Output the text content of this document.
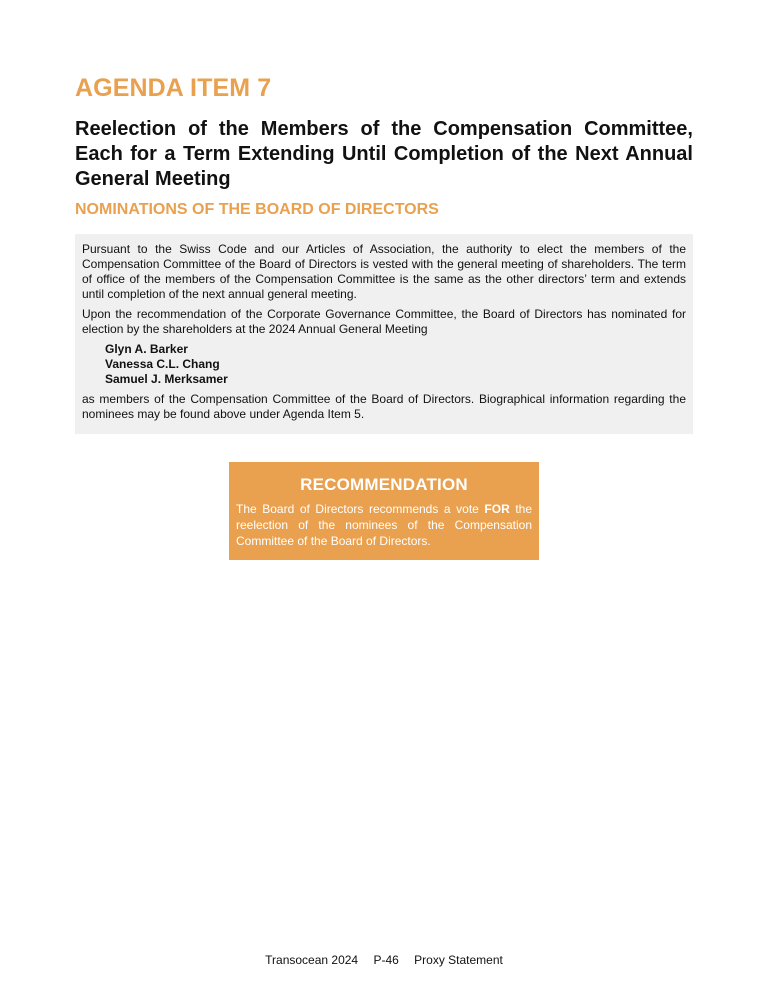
AGENDA ITEM 7
Reelection of the Members of the Compensation Committee, Each for a Term Extending Until Completion of the Next Annual General Meeting
NOMINATIONS OF THE BOARD OF DIRECTORS

Pursuant to the Swiss Code and our Articles of Association, the authority to elect the members of the Compensation Committee of the Board of Directors is vested with the general meeting of shareholders. The term of office of the members of the Compensation Committee is the same as the other directors’ term and extends until completion of the next annual general meeting.

Upon the recommendation of the Corporate Governance Committee, the Board of Directors has nominated for election by the shareholders at the 2024 Annual General Meeting

Glyn A. Barker
Vanessa C.L. Chang
Samuel J. Merksamer

as members of the Compensation Committee of the Board of Directors. Biographical information regarding the nominees may be found above under Agenda Item 5.

RECOMMENDATION

The Board of Directors recommends a vote FOR the reelection of the nominees of the Compensation Committee of the Board of Directors.

Transocean 2024 P-46 Proxy Statement
